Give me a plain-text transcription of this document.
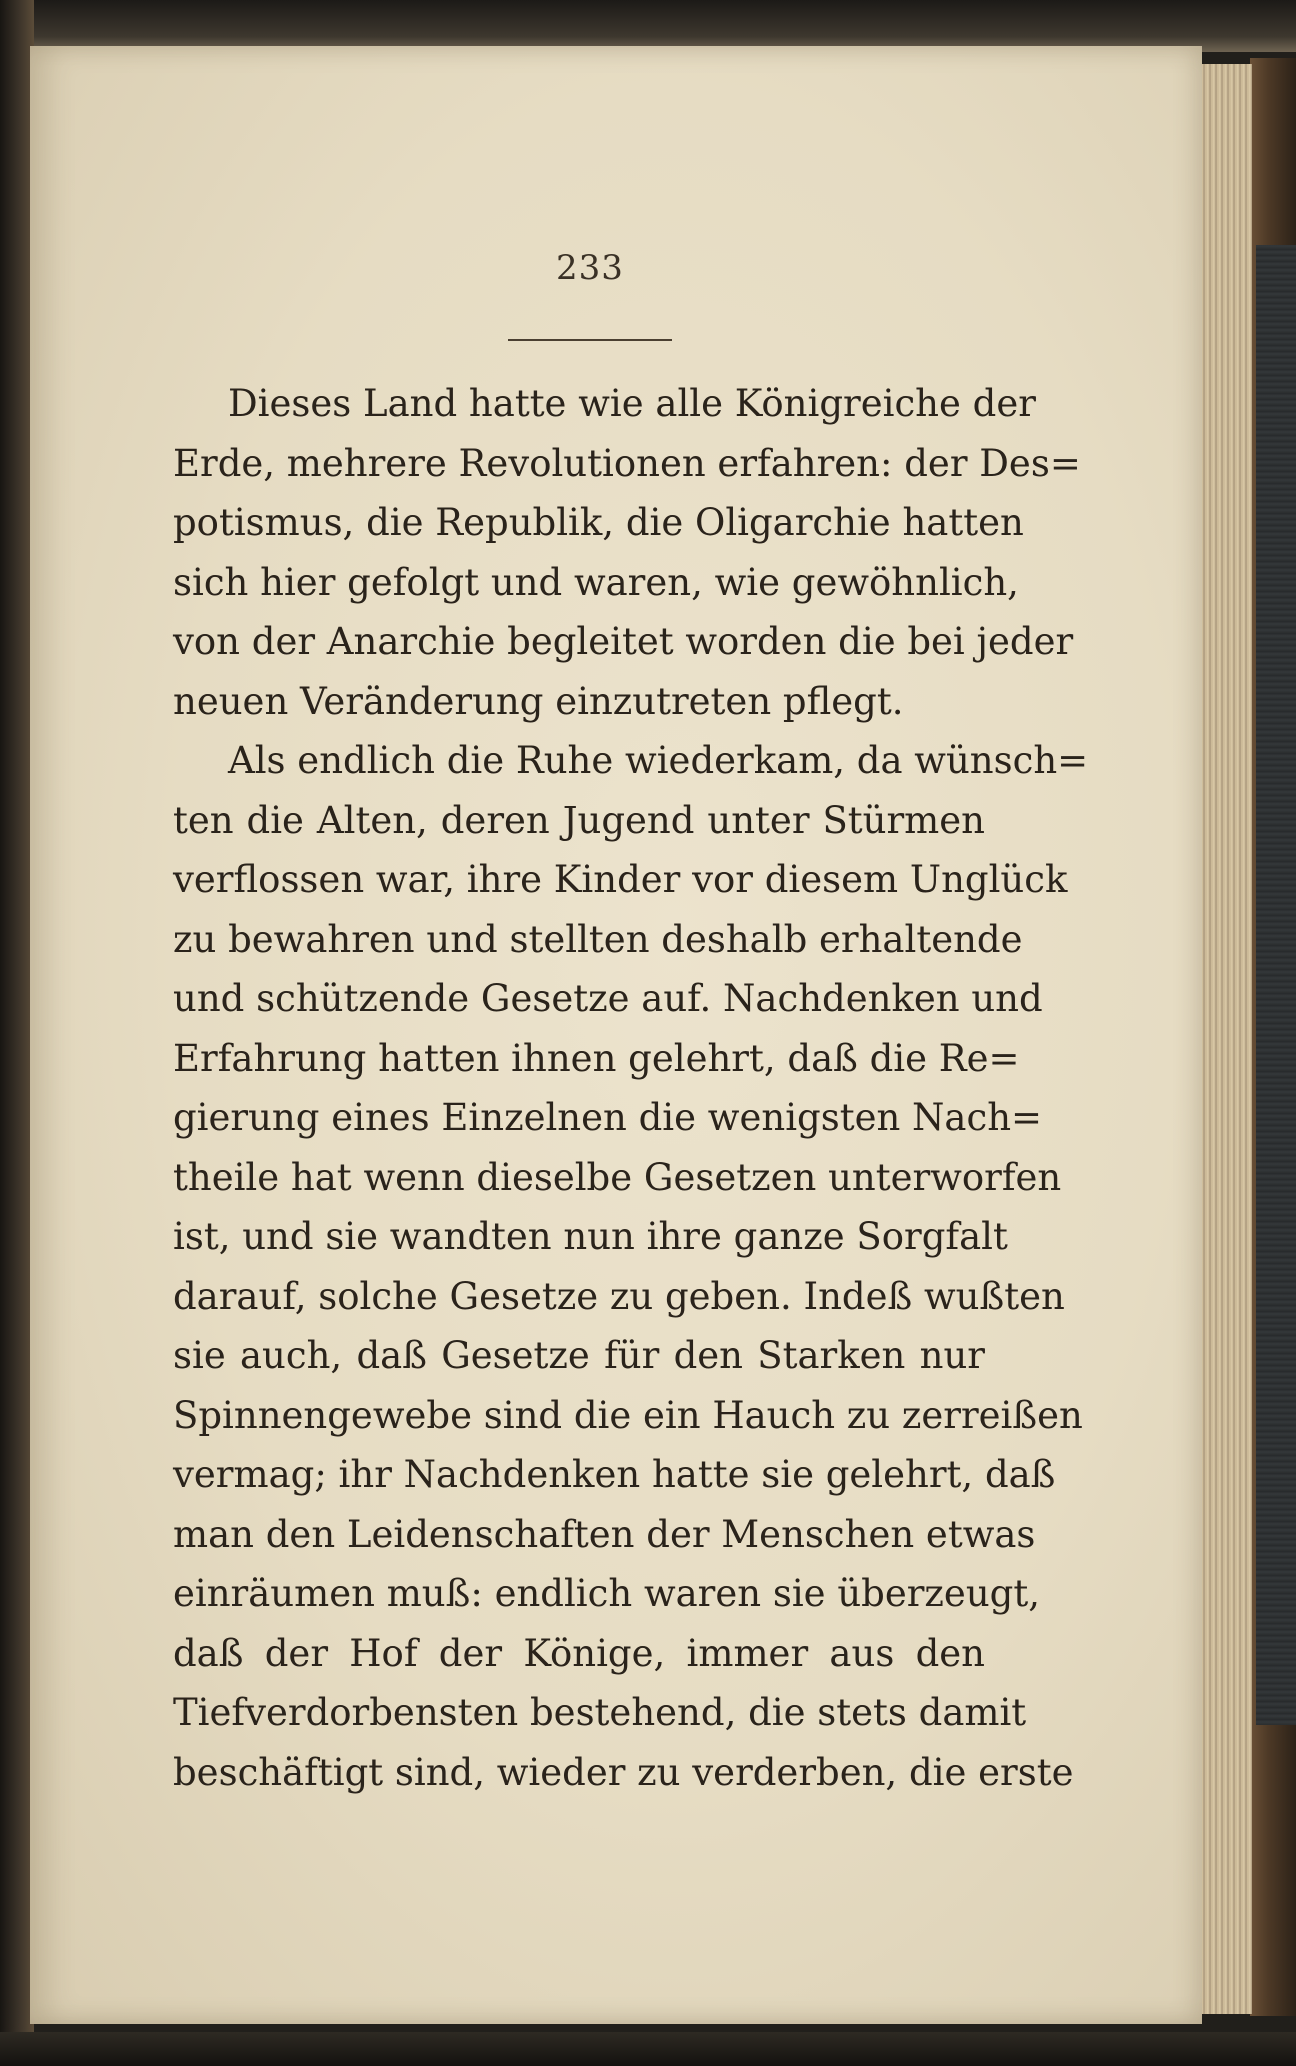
233
Dieses Land hatte wie alle Königreiche der
Erde, mehrere Revolutionen erfahren: der Des=
potismus, die Republik, die Oligarchie hatten
sich hier gefolgt und waren, wie gewöhnlich,
von der Anarchie begleitet worden die bei jeder
neuen Veränderung einzutreten pflegt.
Als endlich die Ruhe wiederkam, da wünsch=
ten die Alten, deren Jugend unter Stürmen
verflossen war, ihre Kinder vor diesem Unglück
zu bewahren und stellten deshalb erhaltende
und schützende Gesetze auf. Nachdenken und
Erfahrung hatten ihnen gelehrt, daß die Re=
gierung eines Einzelnen die wenigsten Nach=
theile hat wenn dieselbe Gesetzen unterworfen
ist, und sie wandten nun ihre ganze Sorgfalt
darauf, solche Gesetze zu geben. Indeß wußten
sie auch, daß Gesetze für den Starken nur
Spinnengewebe sind die ein Hauch zu zerreißen
vermag; ihr Nachdenken hatte sie gelehrt, daß
man den Leidenschaften der Menschen etwas
einräumen muß: endlich waren sie überzeugt,
daß der Hof der Könige, immer aus den
Tiefverdorbensten bestehend, die stets damit
beschäftigt sind, wieder zu verderben, die erste
